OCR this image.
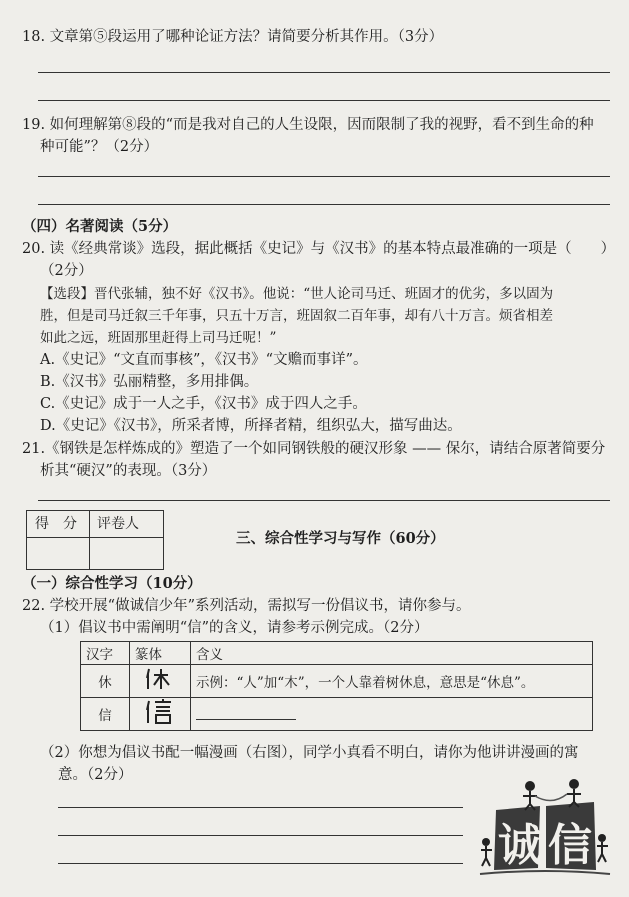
18. 文章第⑤段运用了哪种论证方法？请简要分析其作用。（3分）
19. 如何理解第⑧段的“而是我对自己的人生设限，因而限制了我的视野，看不到生命的种
种可能”？（2分）
（四）名著阅读（5分）
20. 读《经典常谈》选段，据此概括《史记》与《汉书》的基本特点最准确的一项是（　　）
（2分）
【选段】晋代张辅，独不好《汉书》。他说：“世人论司马迁、班固才的优劣，多以固为
胜，但是司马迁叙三千年事，只五十万言，班固叙二百年事，却有八十万言。烦省相差
如此之远，班固那里赶得上司马迁呢！”
A.《史记》“文直而事核”，《汉书》“文赡而事详”。
B.《汉书》弘丽精整，多用排偶。
C.《史记》成于一人之手，《汉书》成于四人之手。
D.《史记》《汉书》，所采者博，所择者精，组织弘大，描写曲达。
21.《钢铁是怎样炼成的》塑造了一个如同钢铁般的硬汉形象 —— 保尔，请结合原著简要分
析其“硬汉”的表现。（3分）
得　分 评卷人
三、综合性学习与写作（60分）
（一）综合性学习（10分）
22. 学校开展“做诚信少年”系列活动，需拟写一份倡议书，请你参与。
（1）倡议书中需阐明“信”的含义，请参考示例完成。（2分）
汉字	篆体	含义
休		示例：“人”加“木”，一个人靠着树休息，意思是“休息”。
信		
（2）你想为倡议书配一幅漫画（右图），同学小真看不明白，请你为他讲讲漫画的寓
意。（2分）
诚 信
